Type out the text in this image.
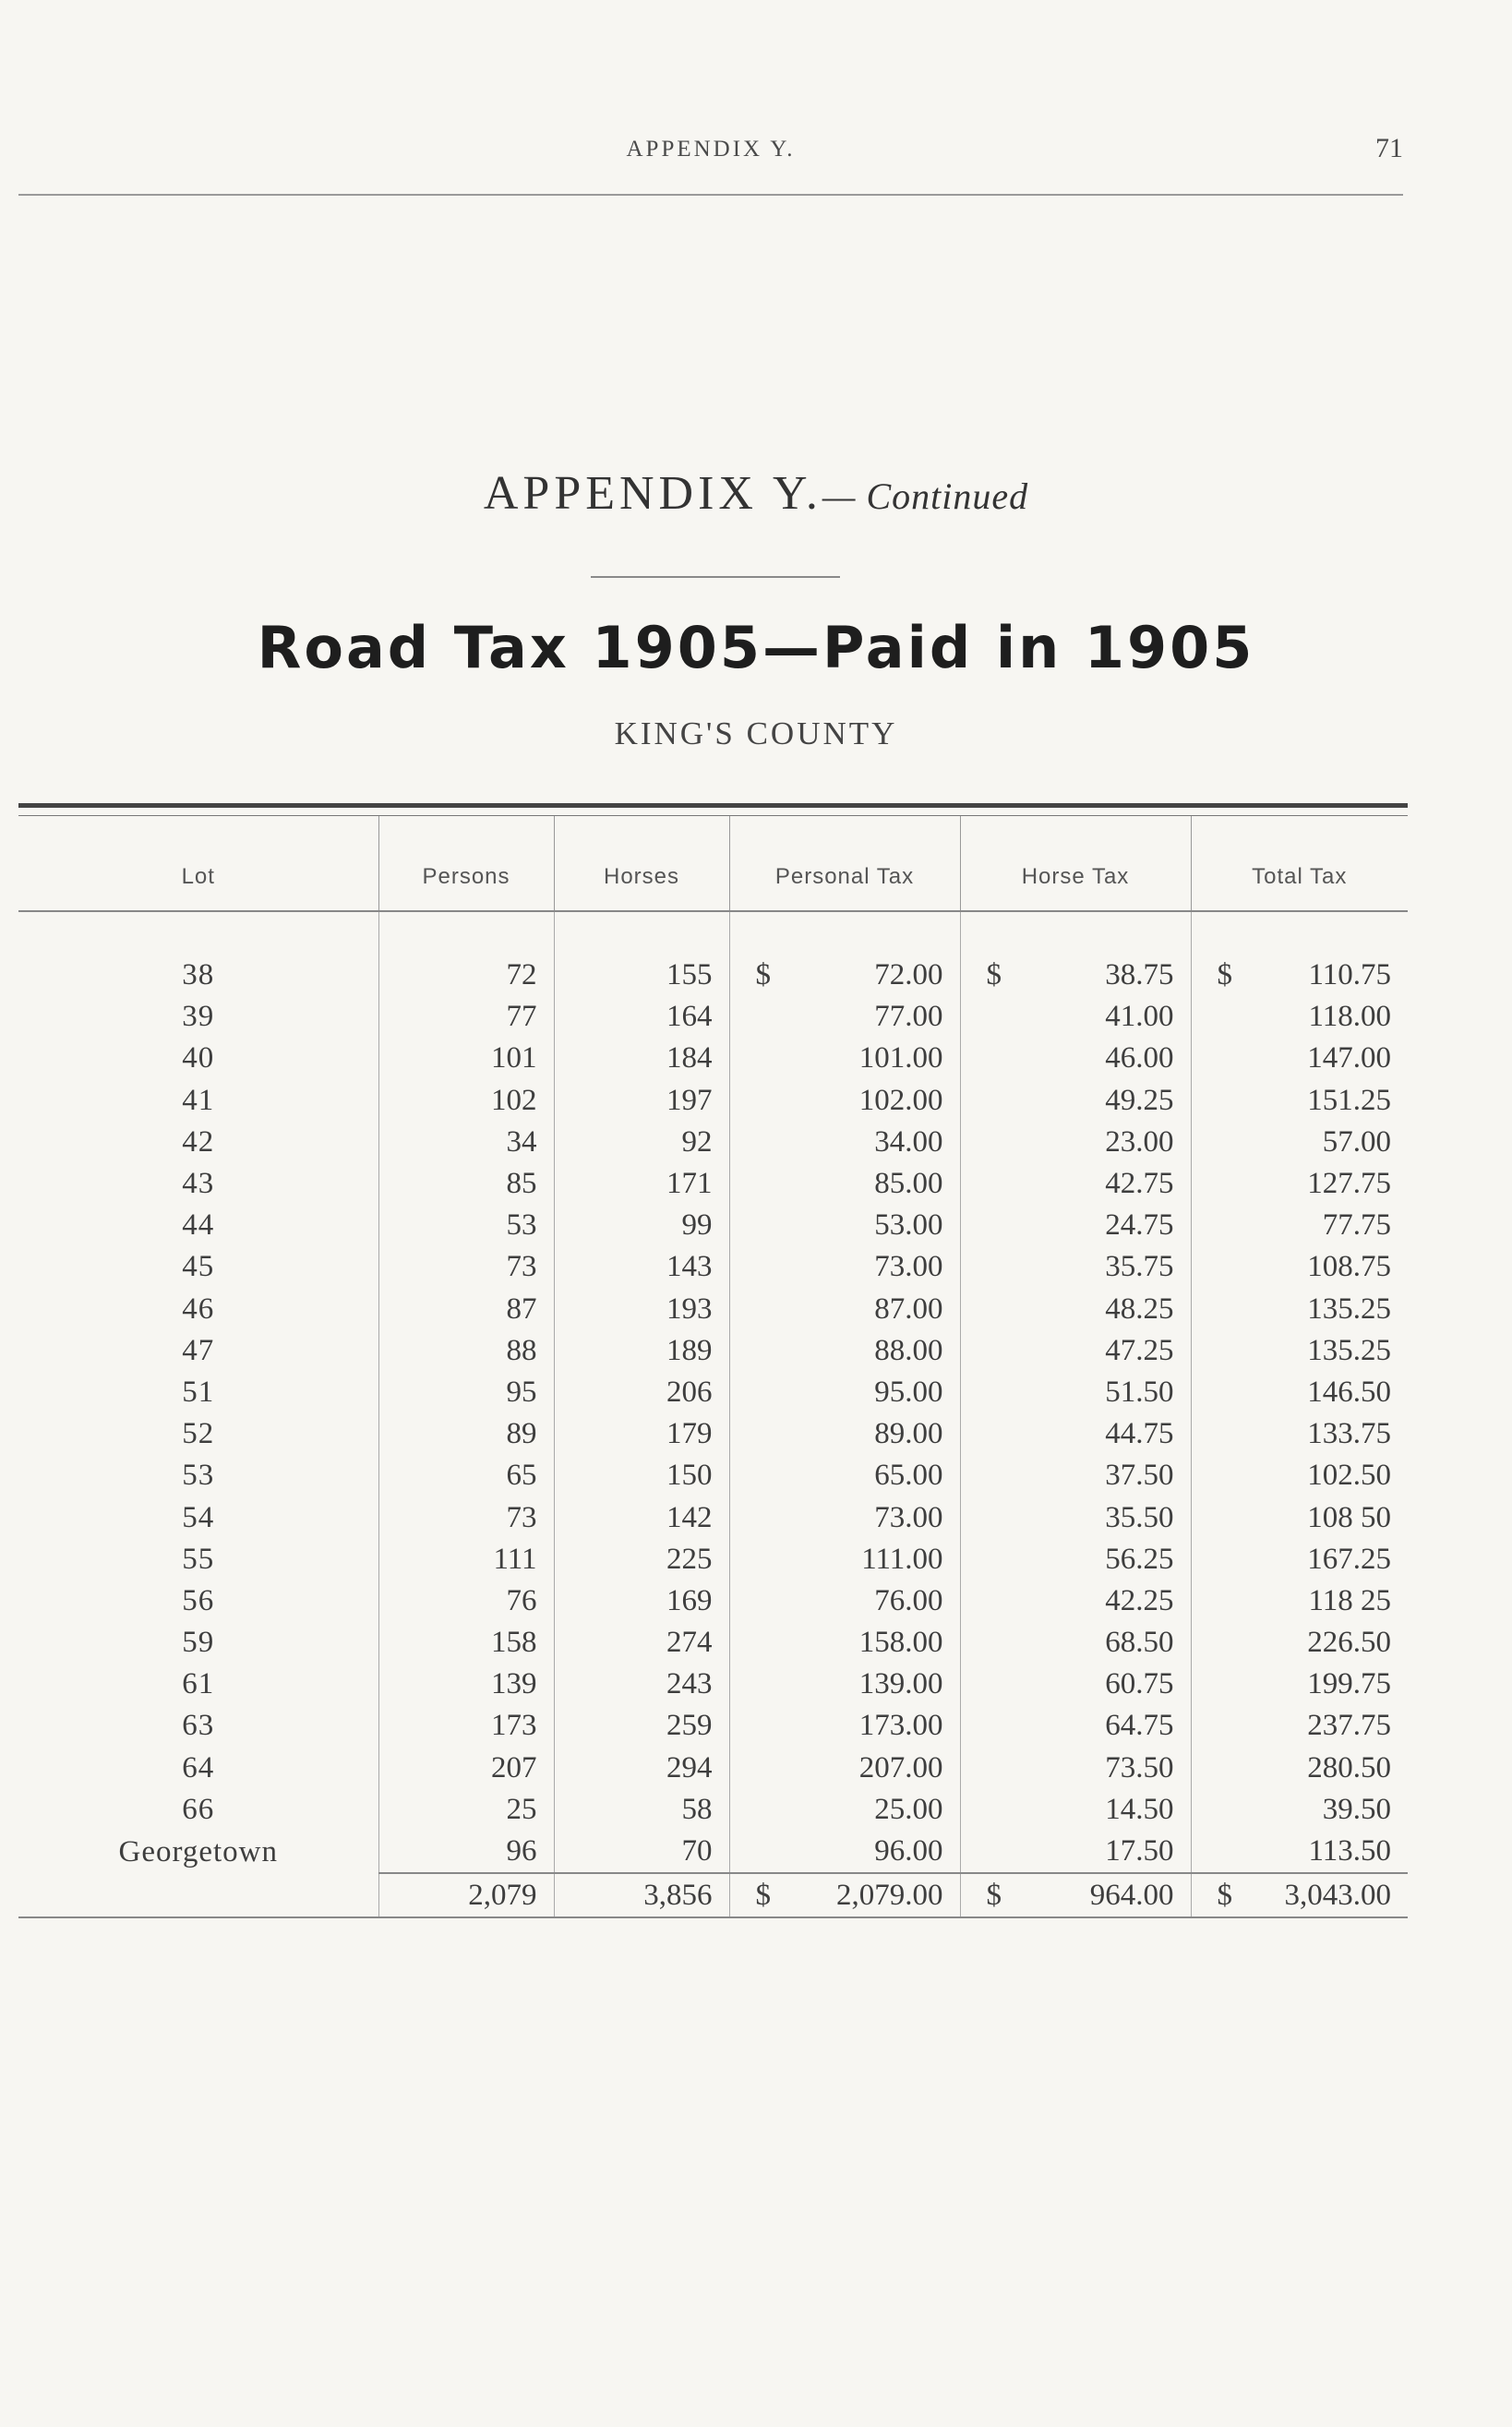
APPENDIX Y.	71
APPENDIX Y.— Continued
Road Tax 1905—Paid in 1905
KING'S COUNTY
Lot	Persons	Horses	Personal Tax	Horse Tax	Total Tax

38	72	155	$ 72.00	$ 38.75	$ 110.75
39	77	164	77.00	41.00	118.00
40	101	184	101.00	46.00	147.00
41	102	197	102.00	49.25	151.25
42	34	92	34.00	23.00	57.00
43	85	171	85.00	42.75	127.75
44	53	99	53.00	24.75	77.75
45	73	143	73.00	35.75	108.75
46	87	193	87.00	48.25	135.25
47	88	189	88.00	47.25	135.25
51	95	206	95.00	51.50	146.50
52	89	179	89.00	44.75	133.75
53	65	150	65.00	37.50	102.50
54	73	142	73.00	35.50	108 50
55	111	225	111.00	56.25	167.25
56	76	169	76.00	42.25	118 25
59	158	274	158.00	68.50	226.50
61	139	243	139.00	60.75	199.75
63	173	259	173.00	64.75	237.75
64	207	294	207.00	73.50	280.50
66	25	58	25.00	14.50	39.50
Georgetown	96	70	96.00	17.50	113.50
	2,079	3,856	$ 2,079.00	$ 964.00	$ 3,043.00
